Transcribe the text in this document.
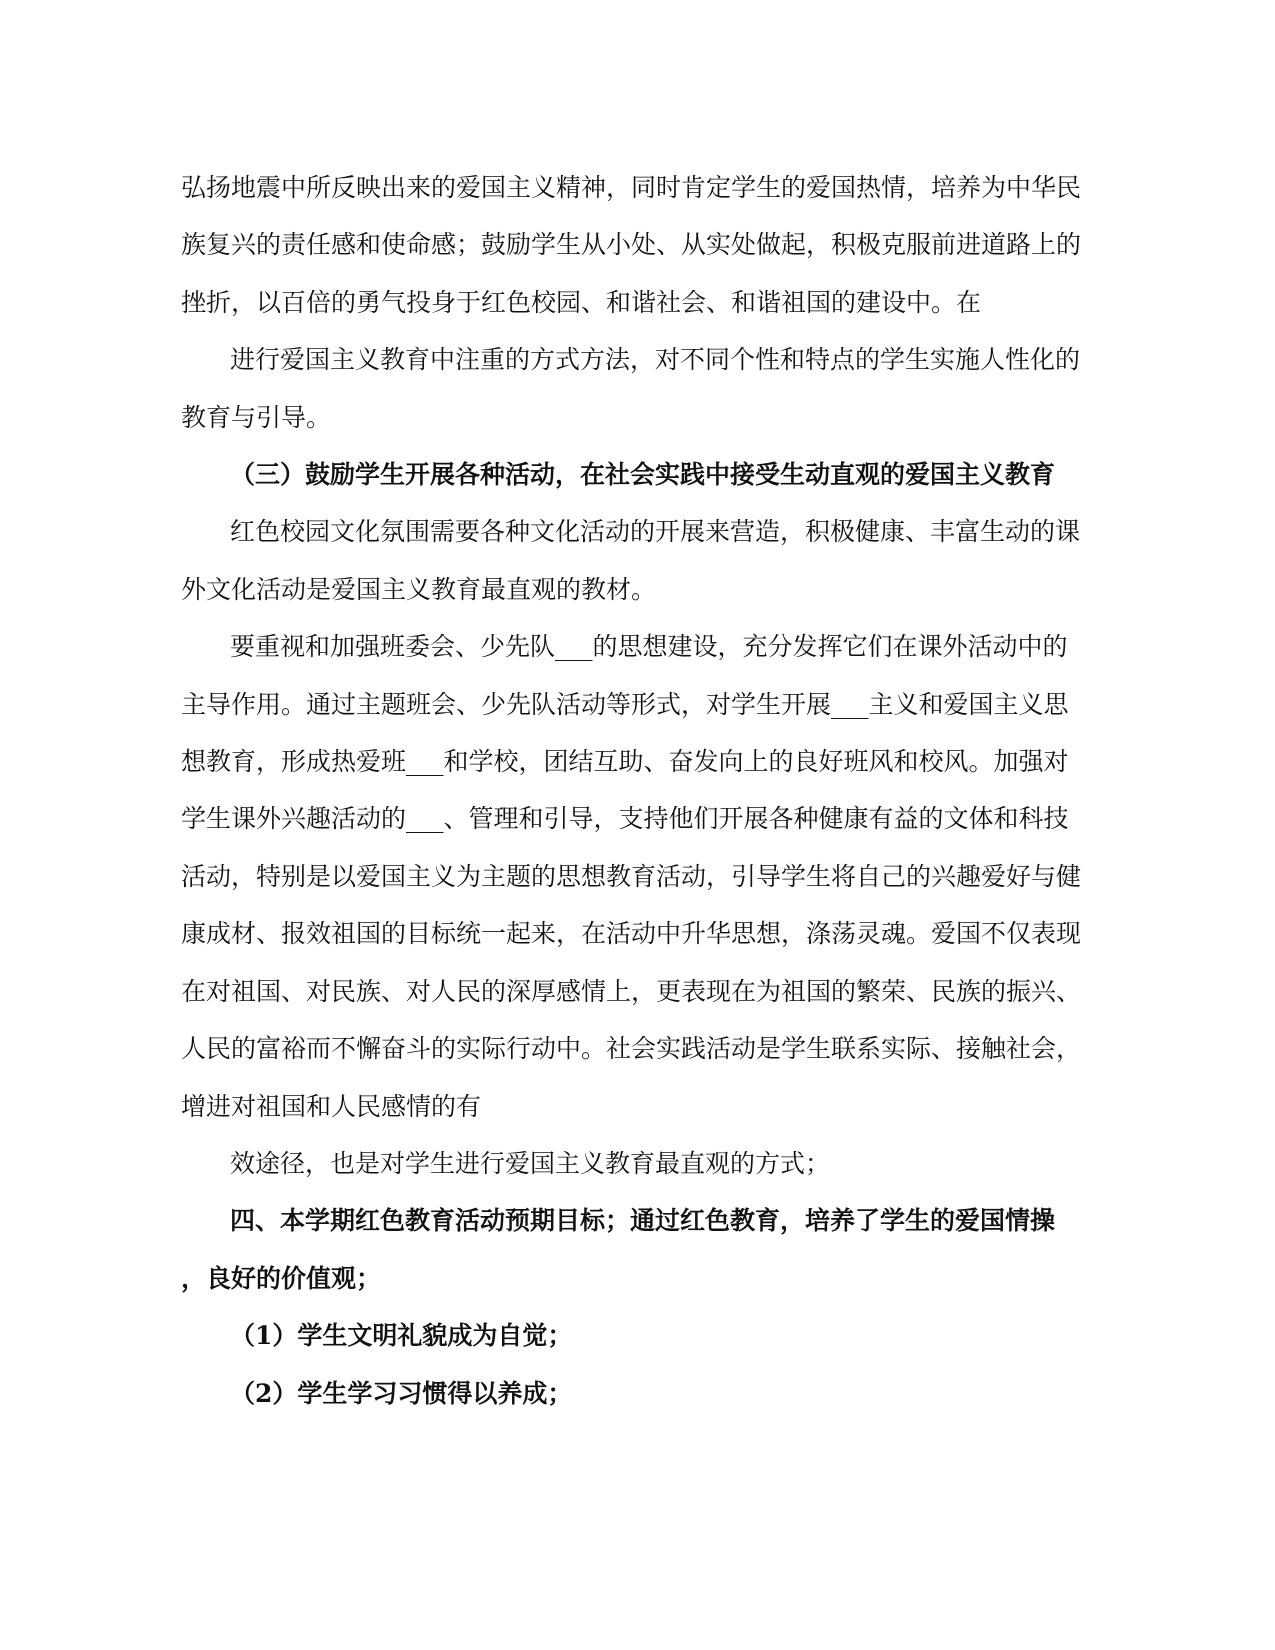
弘扬地震中所反映出来的爱国主义精神，同时肯定学生的爱国热情，培养为中华民
族复兴的责任感和使命感；鼓励学生从小处、从实处做起，积极克服前进道路上的
挫折，以百倍的勇气投身于红色校园、和谐社会、和谐祖国的建设中。在
进行爱国主义教育中注重的方式方法，对不同个性和特点的学生实施人性化的
教育与引导。
（三）鼓励学生开展各种活动，在社会实践中接受生动直观的爱国主义教育
红色校园文化氛围需要各种文化活动的开展来营造，积极健康、丰富生动的课
外文化活动是爱国主义教育最直观的教材。
要重视和加强班委会、少先队___的思想建设，充分发挥它们在课外活动中的
主导作用。通过主题班会、少先队活动等形式，对学生开展___主义和爱国主义思
想教育，形成热爱班___和学校，团结互助、奋发向上的良好班风和校风。加强对
学生课外兴趣活动的___、管理和引导，支持他们开展各种健康有益的文体和科技
活动，特别是以爱国主义为主题的思想教育活动，引导学生将自己的兴趣爱好与健
康成材、报效祖国的目标统一起来，在活动中升华思想，涤荡灵魂。爱国不仅表现
在对祖国、对民族、对人民的深厚感情上，更表现在为祖国的繁荣、民族的振兴、
人民的富裕而不懈奋斗的实际行动中。社会实践活动是学生联系实际、接触社会，
增进对祖国和人民感情的有
效途径，也是对学生进行爱国主义教育最直观的方式；
四、本学期红色教育活动预期目标；通过红色教育，培养了学生的爱国情操
，良好的价值观；
（1）学生文明礼貌成为自觉；
（2）学生学习习惯得以养成；
